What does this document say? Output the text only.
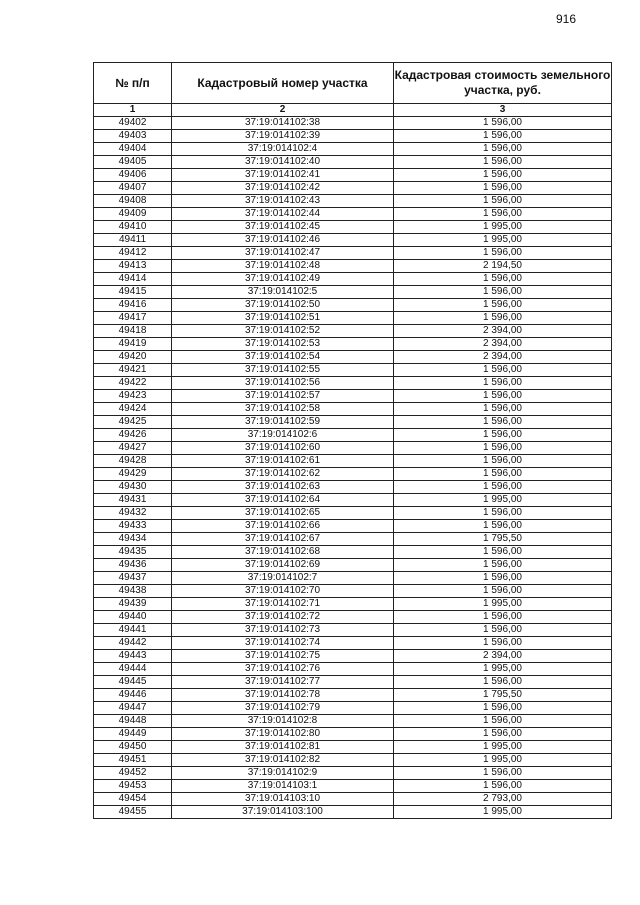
916
№ п/п	Кадастровый номер участка	Кадастровая стоимость земельного участка, руб.
1	2	3
49402	37:19:014102:38	1 596,00
49403	37:19:014102:39	1 596,00
49404	37:19:014102:4	1 596,00
49405	37:19:014102:40	1 596,00
49406	37:19:014102:41	1 596,00
49407	37:19:014102:42	1 596,00
49408	37:19:014102:43	1 596,00
49409	37:19:014102:44	1 596,00
49410	37:19:014102:45	1 995,00
49411	37:19:014102:46	1 995,00
49412	37:19:014102:47	1 596,00
49413	37:19:014102:48	2 194,50
49414	37:19:014102:49	1 596,00
49415	37:19:014102:5	1 596,00
49416	37:19:014102:50	1 596,00
49417	37:19:014102:51	1 596,00
49418	37:19:014102:52	2 394,00
49419	37:19:014102:53	2 394,00
49420	37:19:014102:54	2 394,00
49421	37:19:014102:55	1 596,00
49422	37:19:014102:56	1 596,00
49423	37:19:014102:57	1 596,00
49424	37:19:014102:58	1 596,00
49425	37:19:014102:59	1 596,00
49426	37:19:014102:6	1 596,00
49427	37:19:014102:60	1 596,00
49428	37:19:014102:61	1 596,00
49429	37:19:014102:62	1 596,00
49430	37:19:014102:63	1 596,00
49431	37:19:014102:64	1 995,00
49432	37:19:014102:65	1 596,00
49433	37:19:014102:66	1 596,00
49434	37:19:014102:67	1 795,50
49435	37:19:014102:68	1 596,00
49436	37:19:014102:69	1 596,00
49437	37:19:014102:7	1 596,00
49438	37:19:014102:70	1 596,00
49439	37:19:014102:71	1 995,00
49440	37:19:014102:72	1 596,00
49441	37:19:014102:73	1 596,00
49442	37:19:014102:74	1 596,00
49443	37:19:014102:75	2 394,00
49444	37:19:014102:76	1 995,00
49445	37:19:014102:77	1 596,00
49446	37:19:014102:78	1 795,50
49447	37:19:014102:79	1 596,00
49448	37:19:014102:8	1 596,00
49449	37:19:014102:80	1 596,00
49450	37:19:014102:81	1 995,00
49451	37:19:014102:82	1 995,00
49452	37:19:014102:9	1 596,00
49453	37:19:014103:1	1 596,00
49454	37:19:014103:10	2 793,00
49455	37:19:014103:100	1 995,00
